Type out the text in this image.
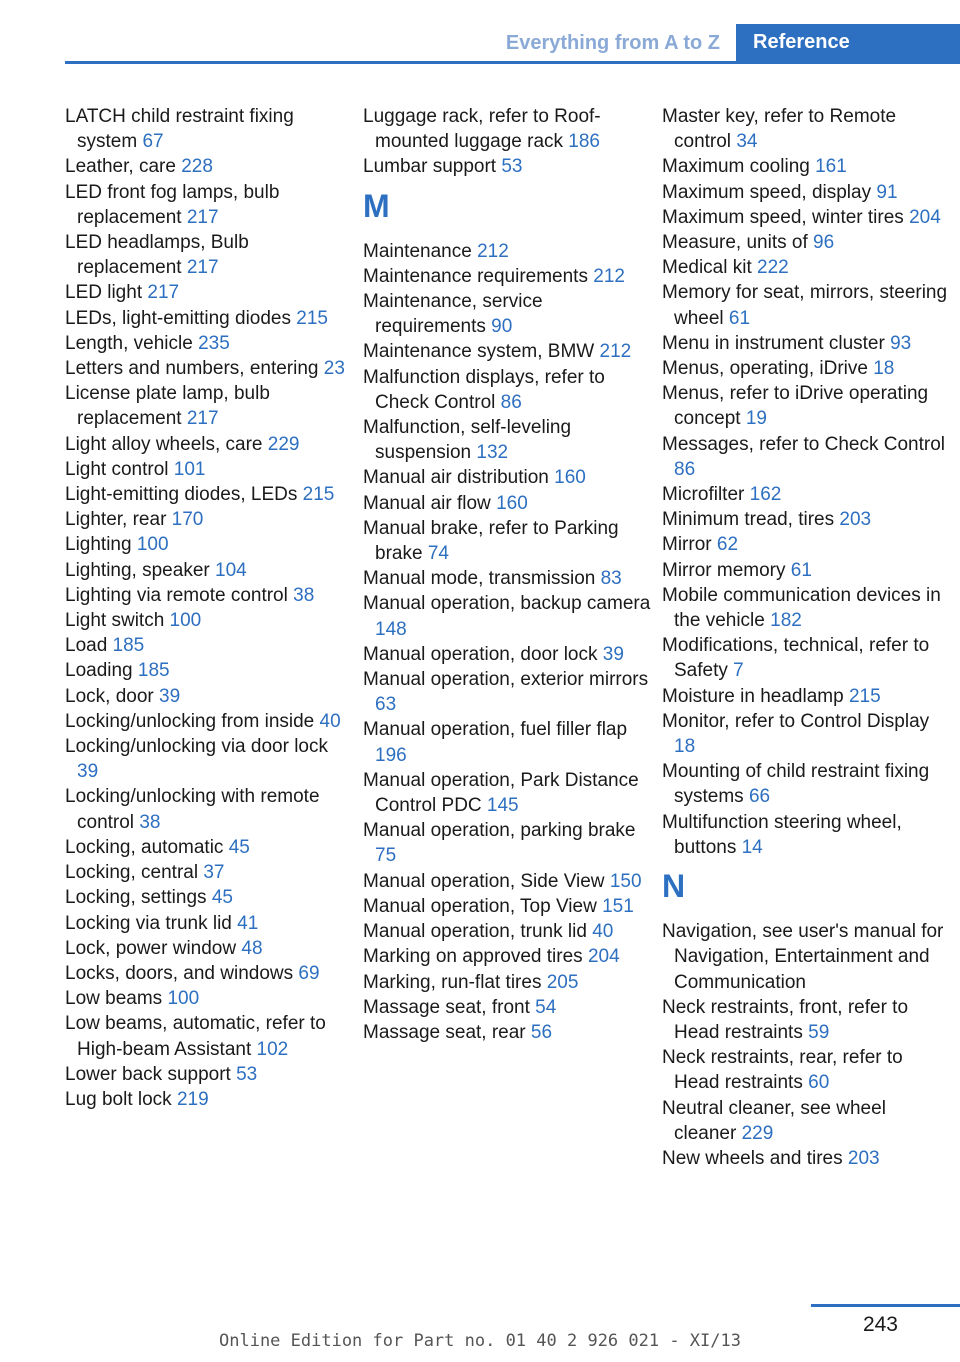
Everything from A to Z	Reference

LATCH child restraint fixing system 67

Leather, care 228

LED front fog lamps, bulb replacement 217

LED headlamps, Bulb replacement 217

LED light 217

LEDs, light-emitting diodes 215

Length, vehicle 235

Letters and numbers, entering 23

License plate lamp, bulb replacement 217

Light alloy wheels, care 229

Light control 101

Light-emitting diodes, LEDs 215

Lighter, rear 170

Lighting 100

Lighting, speaker 104

Lighting via remote control 38

Light switch 100

Load 185

Loading 185

Lock, door 39

Locking/unlocking from inside 40

Locking/unlocking via door lock 39

Locking/unlocking with remote control 38

Locking, automatic 45

Locking, central 37

Locking, settings 45

Locking via trunk lid 41

Lock, power window 48

Locks, doors, and windows 69

Low beams 100

Low beams, automatic, refer to High-beam Assistant 102

Lower back support 53

Lug bolt lock 219

Luggage rack, refer to Roof-mounted luggage rack 186

Lumbar support 53

M

Maintenance 212

Maintenance requirements 212

Maintenance, service requirements 90

Maintenance system, BMW 212

Malfunction displays, refer to Check Control 86

Malfunction, self-leveling suspension 132

Manual air distribution 160

Manual air flow 160

Manual brake, refer to Parking brake 74

Manual mode, transmission 83

Manual operation, backup camera 148

Manual operation, door lock 39

Manual operation, exterior mirrors 63

Manual operation, fuel filler flap 196

Manual operation, Park Distance Control PDC 145

Manual operation, parking brake 75

Manual operation, Side View 150

Manual operation, Top View 151

Manual operation, trunk lid 40

Marking on approved tires 204

Marking, run-flat tires 205

Massage seat, front 54

Massage seat, rear 56

Master key, refer to Remote control 34

Maximum cooling 161

Maximum speed, display 91

Maximum speed, winter tires 204

Measure, units of 96

Medical kit 222

Memory for seat, mirrors, steering wheel 61

Menu in instrument cluster 93

Menus, operating, iDrive 18

Menus, refer to iDrive operating concept 19

Messages, refer to Check Control 86

Microfilter 162

Minimum tread, tires 203

Mirror 62

Mirror memory 61

Mobile communication devices in the vehicle 182

Modifications, technical, refer to Safety 7

Moisture in headlamp 215

Monitor, refer to Control Display 18

Mounting of child restraint fixing systems 66

Multifunction steering wheel, buttons 14

N

Navigation, see user's manual for Navigation, Entertainment and Communication

Neck restraints, front, refer to Head restraints 59

Neck restraints, rear, refer to Head restraints 60

Neutral cleaner, see wheel cleaner 229

New wheels and tires 203

243
Online Edition for Part no. 01 40 2 926 021 - XI/13
